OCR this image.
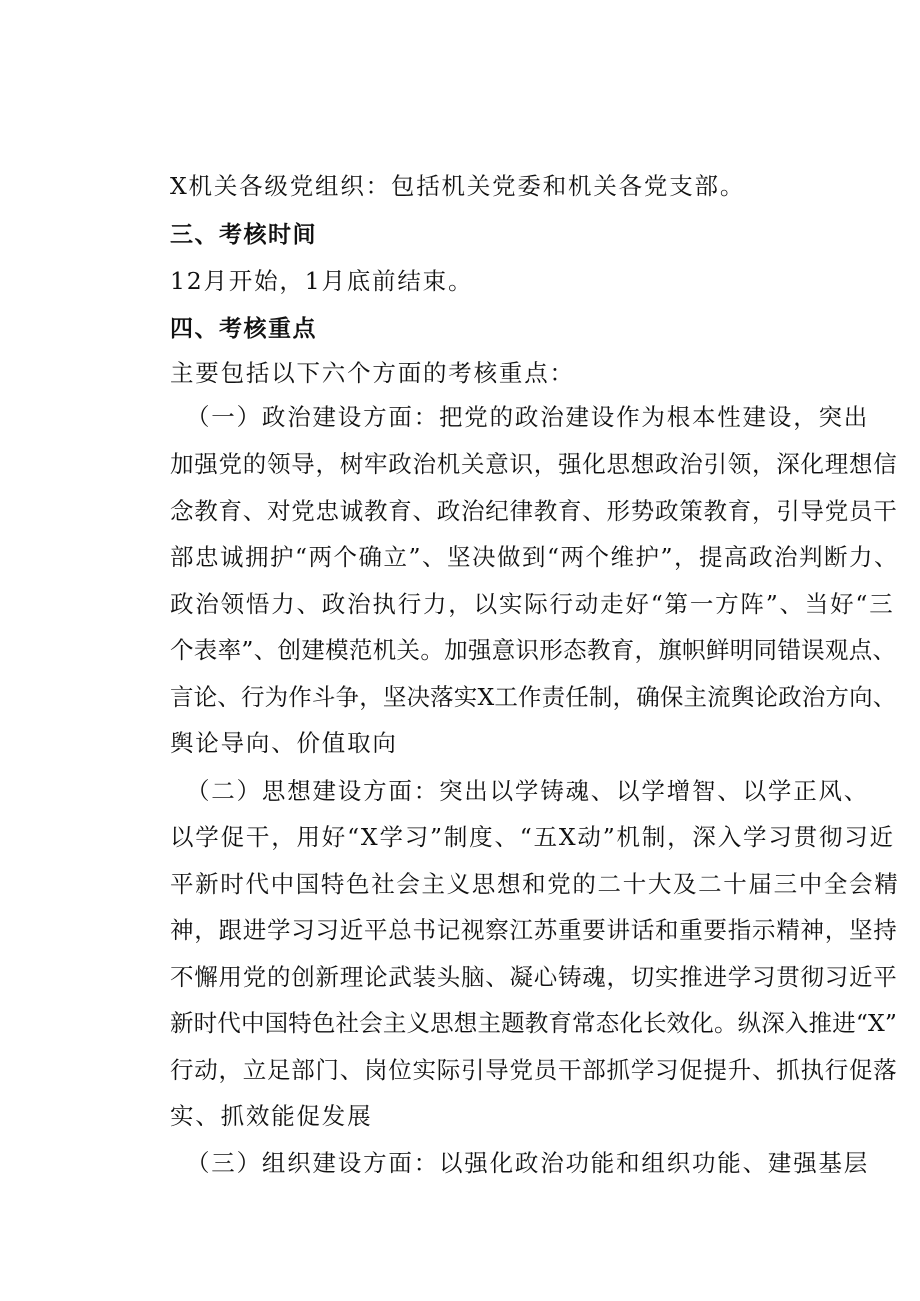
X机关各级党组织：包括机关党委和机关各党支部。
三、考核时间
12月开始，1月底前结束。
四、考核重点
主要包括以下六个方面的考核重点：
（一）政治建设方面：把党的政治建设作为根本性建设，突出
加强党的领导，树牢政治机关意识，强化思想政治引领，深化理想信
念教育、对党忠诚教育、政治纪律教育、形势政策教育，引导党员干
部忠诚拥护“两个确立”、坚决做到“两个维护”，提高政治判断力、
政治领悟力、政治执行力，以实际行动走好“第一方阵”、当好“三
个表率”、创建模范机关。加强意识形态教育，旗帜鲜明同错误观点、
言论、行为作斗争，坚决落实X工作责任制，确保主流舆论政治方向、
舆论导向、价值取向
（二）思想建设方面：突出以学铸魂、以学增智、以学正风、
以学促干，用好“X学习”制度、“五X动”机制，深入学习贯彻习近
平新时代中国特色社会主义思想和党的二十大及二十届三中全会精
神，跟进学习习近平总书记视察江苏重要讲话和重要指示精神，坚持
不懈用党的创新理论武装头脑、凝心铸魂，切实推进学习贯彻习近平
新时代中国特色社会主义思想主题教育常态化长效化。纵深入推进“X”
行动，立足部门、岗位实际引导党员干部抓学习促提升、抓执行促落
实、抓效能促发展
（三）组织建设方面：以强化政治功能和组织功能、建强基层
